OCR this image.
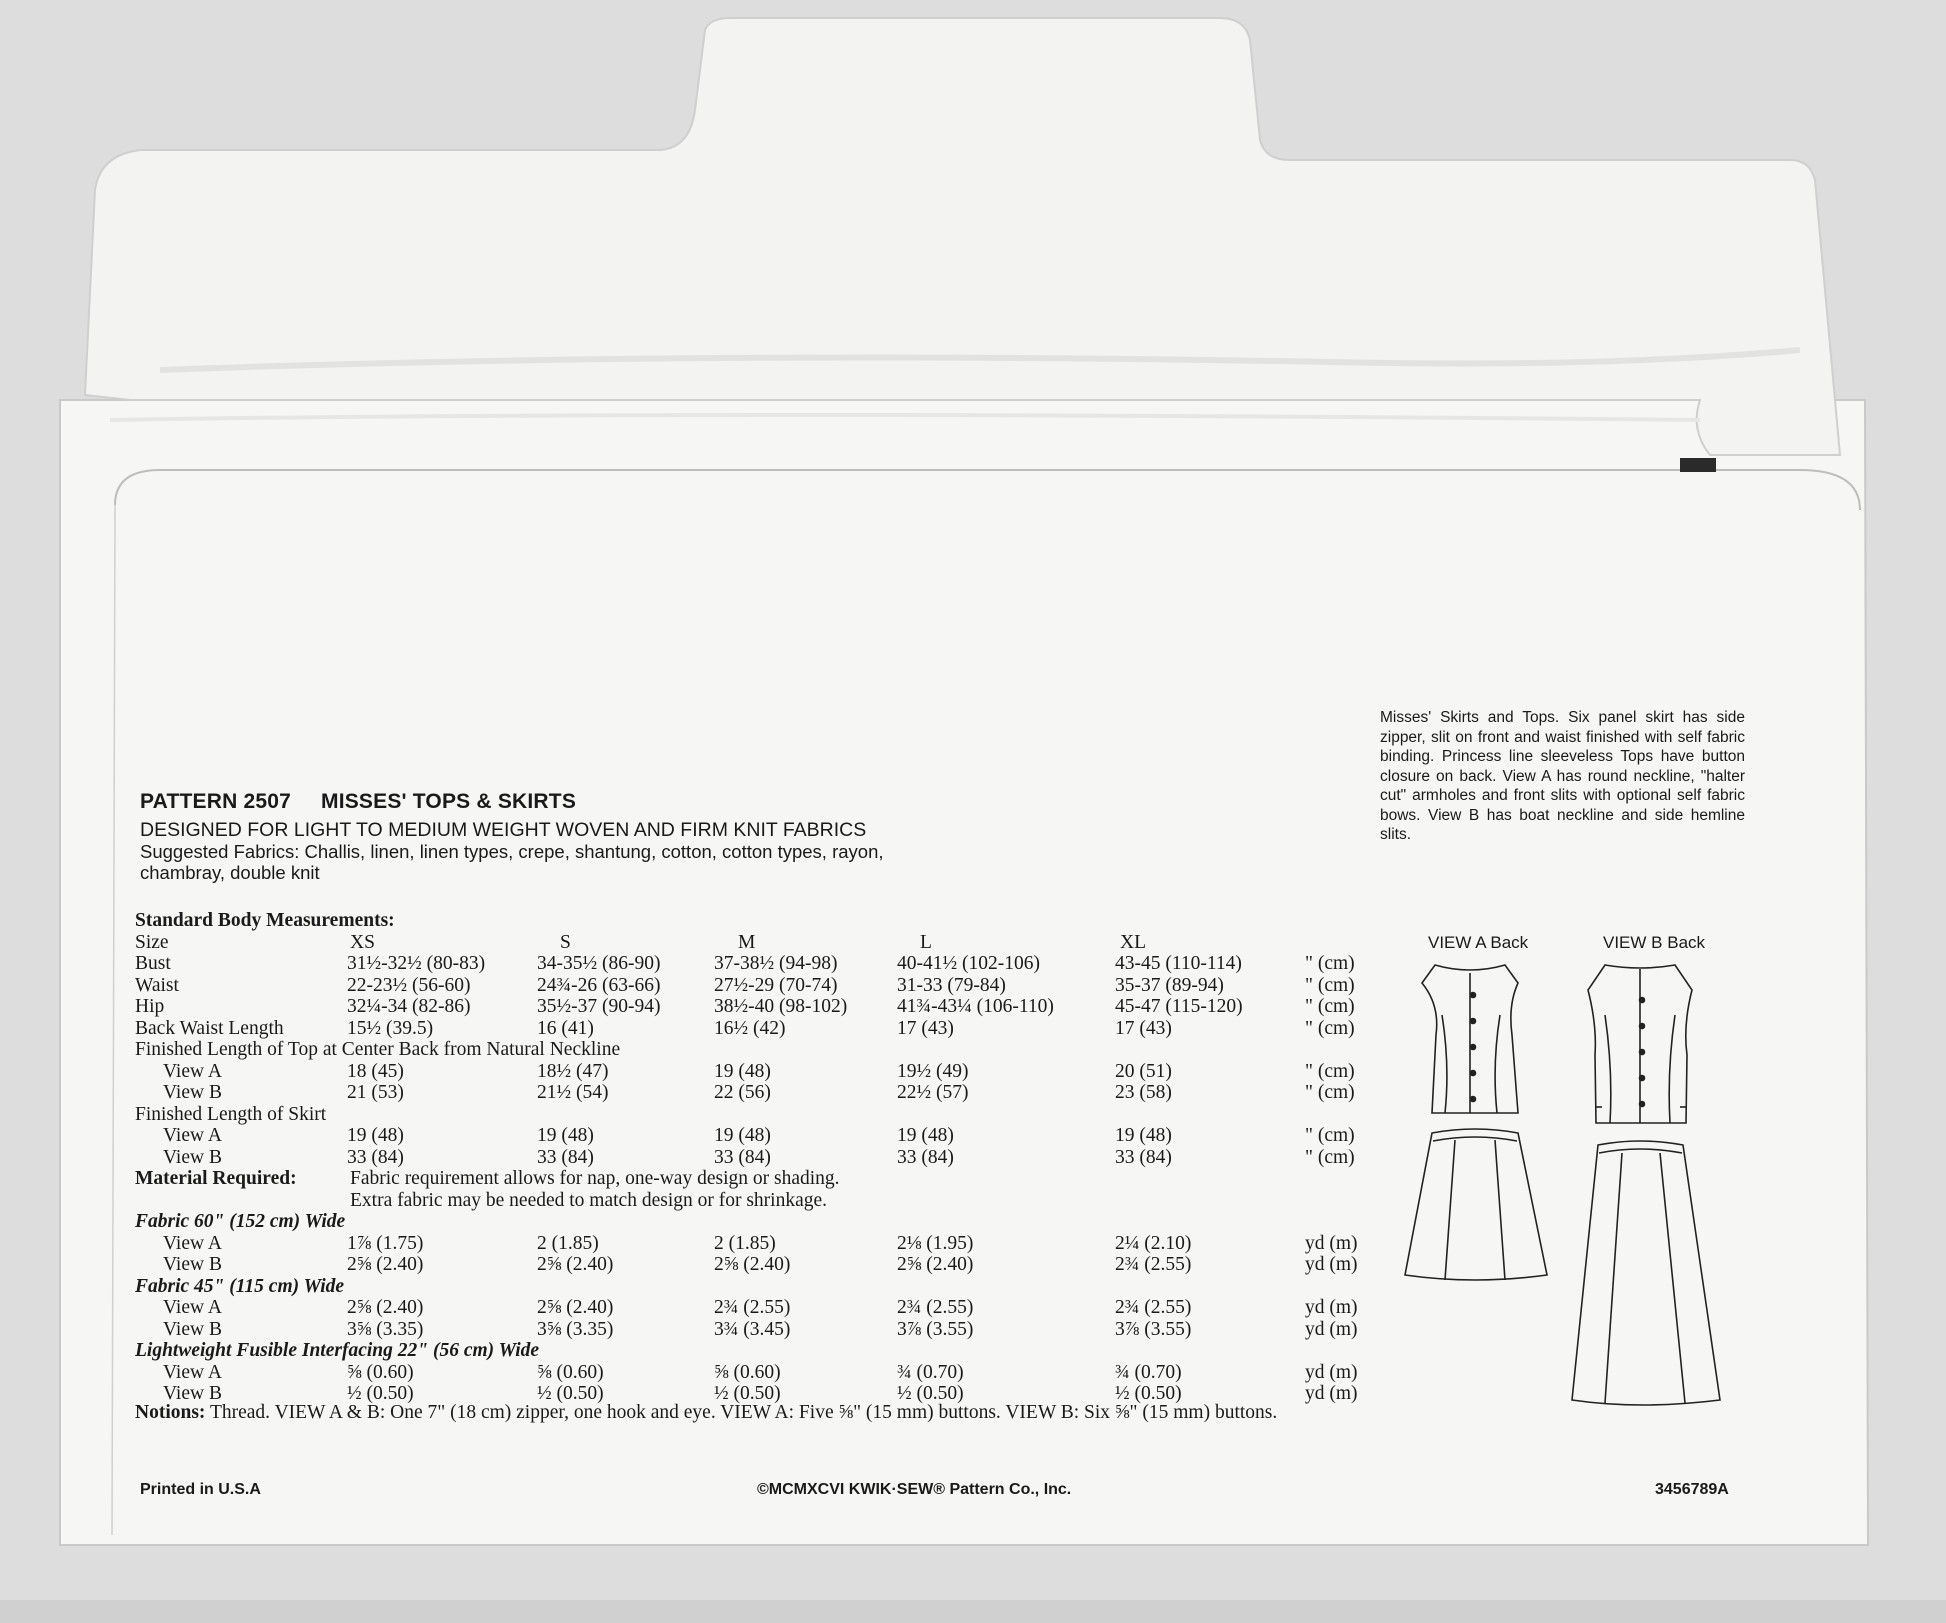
PATTERN 2507 MISSES' TOPS & SKIRTS
DESIGNED FOR LIGHT TO MEDIUM WEIGHT WOVEN AND FIRM KNIT FABRICS
Suggested Fabrics: Challis, linen, linen types, crepe, shantung, cotton, cotton types, rayon, chambray, double knit
Standard Body Measurements:
Size	XS	S	M	L	XL
Bust	31½-32½ (80-83)	34-35½ (86-90)	37-38½ (94-98)	40-41½ (102-106)	43-45 (110-114)	" (cm)
Waist	22-23½ (56-60)	24¾-26 (63-66)	27½-29 (70-74)	31-33 (79-84)	35-37 (89-94)	" (cm)
Hip	32¼-34 (82-86)	35½-37 (90-94)	38½-40 (98-102)	41¾-43¼ (106-110)	45-47 (115-120)	" (cm)
Back Waist Length	15½ (39.5)	16 (41)	16½ (42)	17 (43)	17 (43)	" (cm)
Finished Length of Top at Center Back from Natural Neckline
View A	18 (45)	18½ (47)	19 (48)	19½ (49)	20 (51)	" (cm)
View B	21 (53)	21½ (54)	22 (56)	22½ (57)	23 (58)	" (cm)
Finished Length of Skirt
View A	19 (48)	19 (48)	19 (48)	19 (48)	19 (48)	" (cm)
View B	33 (84)	33 (84)	33 (84)	33 (84)	33 (84)	" (cm)
Material Required:	Fabric requirement allows for nap, one-way design or shading.
Extra fabric may be needed to match design or for shrinkage.
Fabric 60" (152 cm) Wide
View A	1⅞ (1.75)	2 (1.85)	2 (1.85)	2⅛ (1.95)	2¼ (2.10)	yd (m)
View B	2⅝ (2.40)	2⅝ (2.40)	2⅝ (2.40)	2⅝ (2.40)	2¾ (2.55)	yd (m)
Fabric 45" (115 cm) Wide
View A	2⅝ (2.40)	2⅝ (2.40)	2¾ (2.55)	2¾ (2.55)	2¾ (2.55)	yd (m)
View B	3⅝ (3.35)	3⅝ (3.35)	3¾ (3.45)	3⅞ (3.55)	3⅞ (3.55)	yd (m)
Lightweight Fusible Interfacing 22" (56 cm) Wide
View A	⅝ (0.60)	⅝ (0.60)	⅝ (0.60)	¾ (0.70)	¾ (0.70)	yd (m)
View B	½ (0.50)	½ (0.50)	½ (0.50)	½ (0.50)	½ (0.50)	yd (m)
Notions: Thread. VIEW A & B: One 7" (18 cm) zipper, one hook and eye. VIEW A: Five ⅝" (15 mm) buttons. VIEW B: Six ⅝" (15 mm) buttons.
Misses' Skirts and Tops. Six panel skirt has side zipper, slit on front and waist finished with self fabric binding. Princess line sleeveless Tops have button closure on back. View A has round neckline, "halter cut" armholes and front slits with optional self fabric bows. View B has boat neckline and side hemline slits.
VIEW A Back	VIEW B Back
Printed in U.S.A	©MCMXCVI KWIK·SEW® Pattern Co., Inc.	3456789A
